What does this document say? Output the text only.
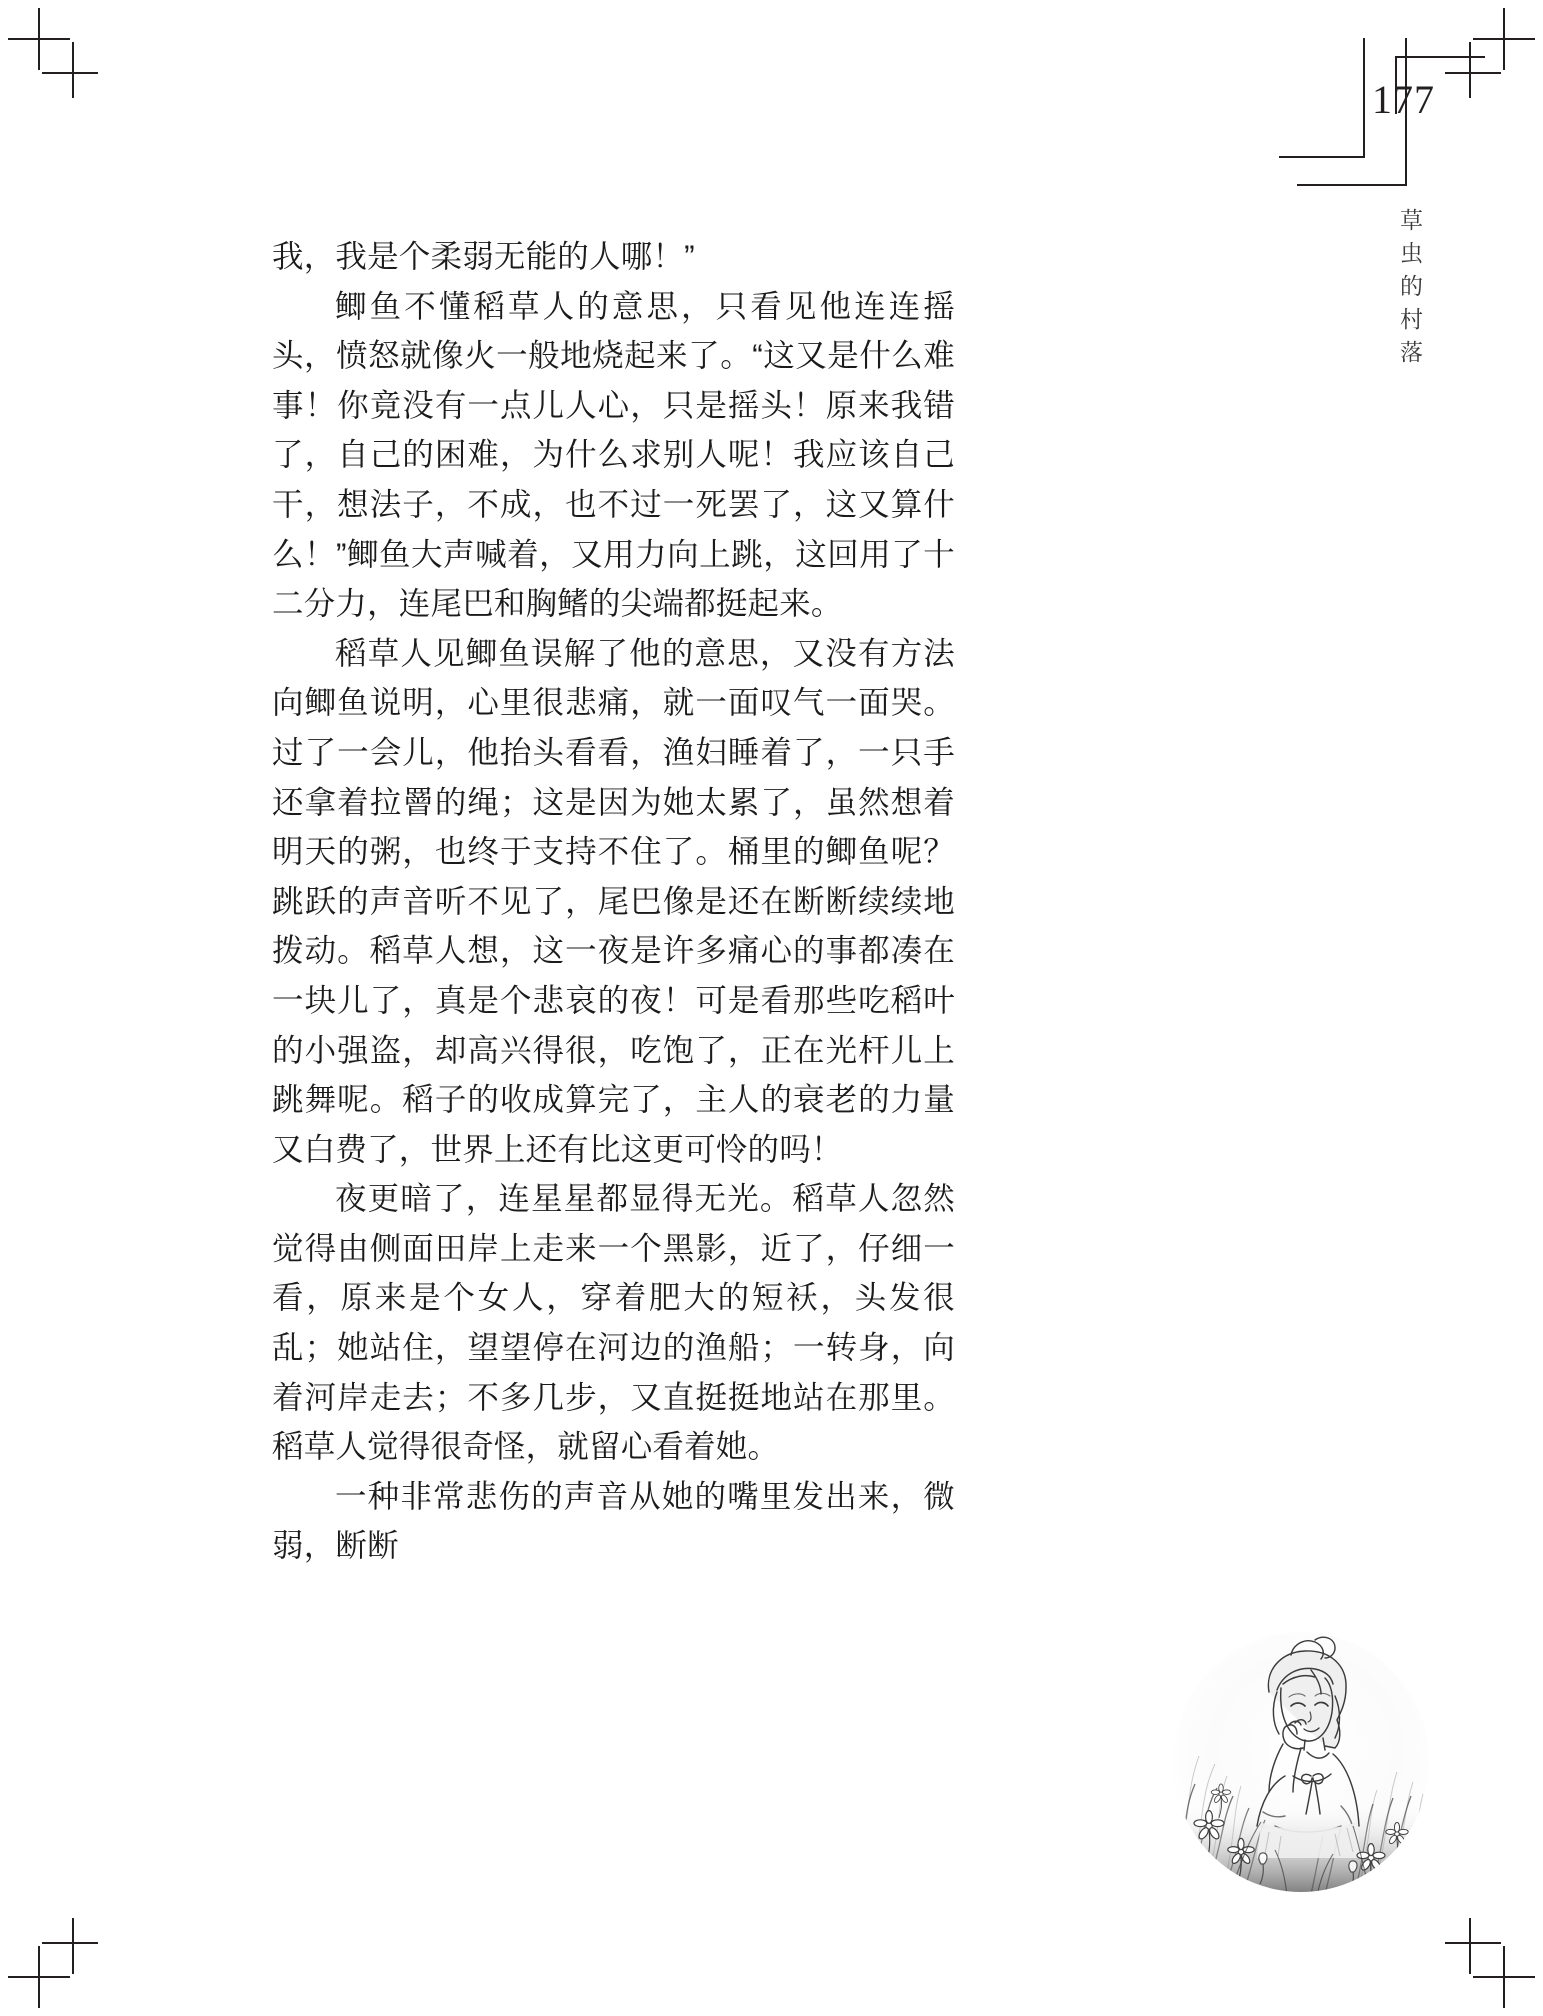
177
草虫的村落

我，我是个柔弱无能的人哪！”

鲫鱼不懂稻草人的意思，只看见他连连摇头，愤怒就像火一般地烧起来了。“这又是什么难事！你竟没有一点儿人心，只是摇头！原来我错了，自己的困难，为什么求别人呢！我应该自己干，想法子，不成，也不过一死罢了，这又算什么！”鲫鱼大声喊着，又用力向上跳，这回用了十二分力，连尾巴和胸鳍的尖端都挺起来。

稻草人见鲫鱼误解了他的意思，又没有方法向鲫鱼说明，心里很悲痛，就一面叹气一面哭。过了一会儿，他抬头看看，渔妇睡着了，一只手还拿着拉罾的绳；这是因为她太累了，虽然想着明天的粥，也终于支持不住了。桶里的鲫鱼呢？跳跃的声音听不见了，尾巴像是还在断断续续地拨动。稻草人想，这一夜是许多痛心的事都凑在一块儿了，真是个悲哀的夜！可是看那些吃稻叶的小强盗，却高兴得很，吃饱了，正在光杆儿上跳舞呢。稻子的收成算完了，主人的衰老的力量又白费了，世界上还有比这更可怜的吗！

夜更暗了，连星星都显得无光。稻草人忽然觉得由侧面田岸上走来一个黑影，近了，仔细一看，原来是个女人，穿着肥大的短袄，头发很乱；她站住，望望停在河边的渔船；一转身，向着河岸走去；不多几步，又直挺挺地站在那里。稻草人觉得很奇怪，就留心看着她。

一种非常悲伤的声音从她的嘴里发出来，微弱，断断
